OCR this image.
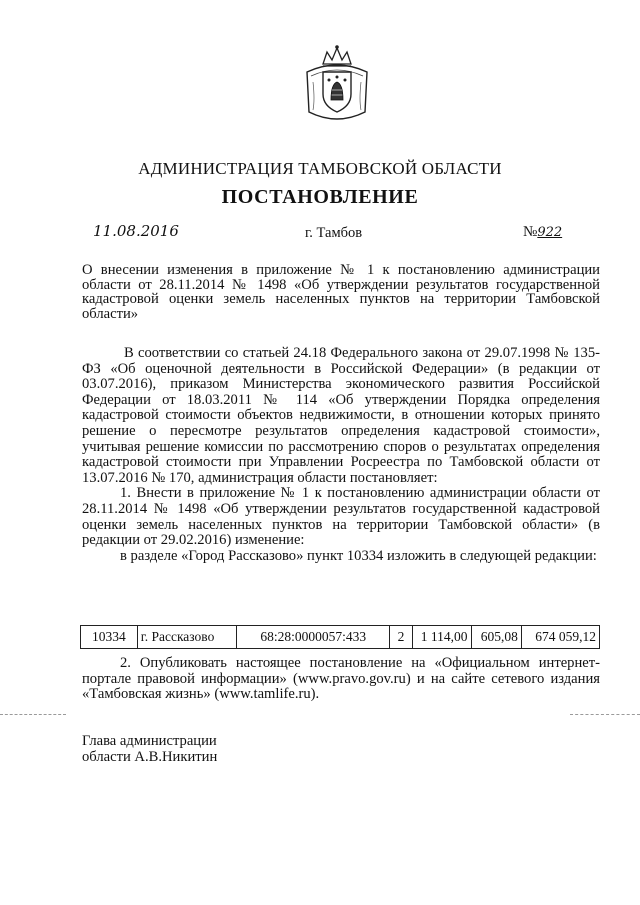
АДМИНИСТРАЦИЯ ТАМБОВСКОЙ ОБЛАСТИ
ПОСТАНОВЛЕНИЕ
11.08.2016	г. Тамбов	№922
О внесении изменения в приложение № 1 к постановлению администрации области от 28.11.2014 № 1498 «Об утверждении результатов государственной кадастровой оценки земель населенных пунктов на территории Тамбовской области»

В соответствии со статьей 24.18 Федерального закона от 29.07.1998 № 135-ФЗ «Об оценочной деятельности в Российской Федерации» (в редакции от 03.07.2016), приказом Министерства экономического развития Российской Федерации от 18.03.2011 № 114 «Об утверждении Порядка определения кадастровой стоимости объектов недвижимости, в отношении которых принято решение о пересмотре результатов определения кадастровой стоимости», учитывая решение комиссии по рассмотрению споров о результатах определения кадастровой стоимости при Управлении Росреестра по Тамбовской области от 13.07.2016 № 170, администрация области постановляет:

1. Внести в приложение № 1 к постановлению администрации области от 28.11.2014 № 1498 «Об утверждении результатов государственной кадастровой оценки земель населенных пунктов на территории Тамбовской области» (в редакции от 29.02.2016) изменение:

в разделе «Город Рассказово» пункт 10334 изложить в следующей редакции:

10334	г. Рассказово	68:28:0000057:433	2	1 114,00	605,08	674 059,12

2. Опубликовать настоящее постановление на «Официальном интернет-портале правовой информации» (www.pravo.gov.ru) и на сайте сетевого издания «Тамбовская жизнь» (www.tamlife.ru).

Глава администрации
области А.В.Никитин
